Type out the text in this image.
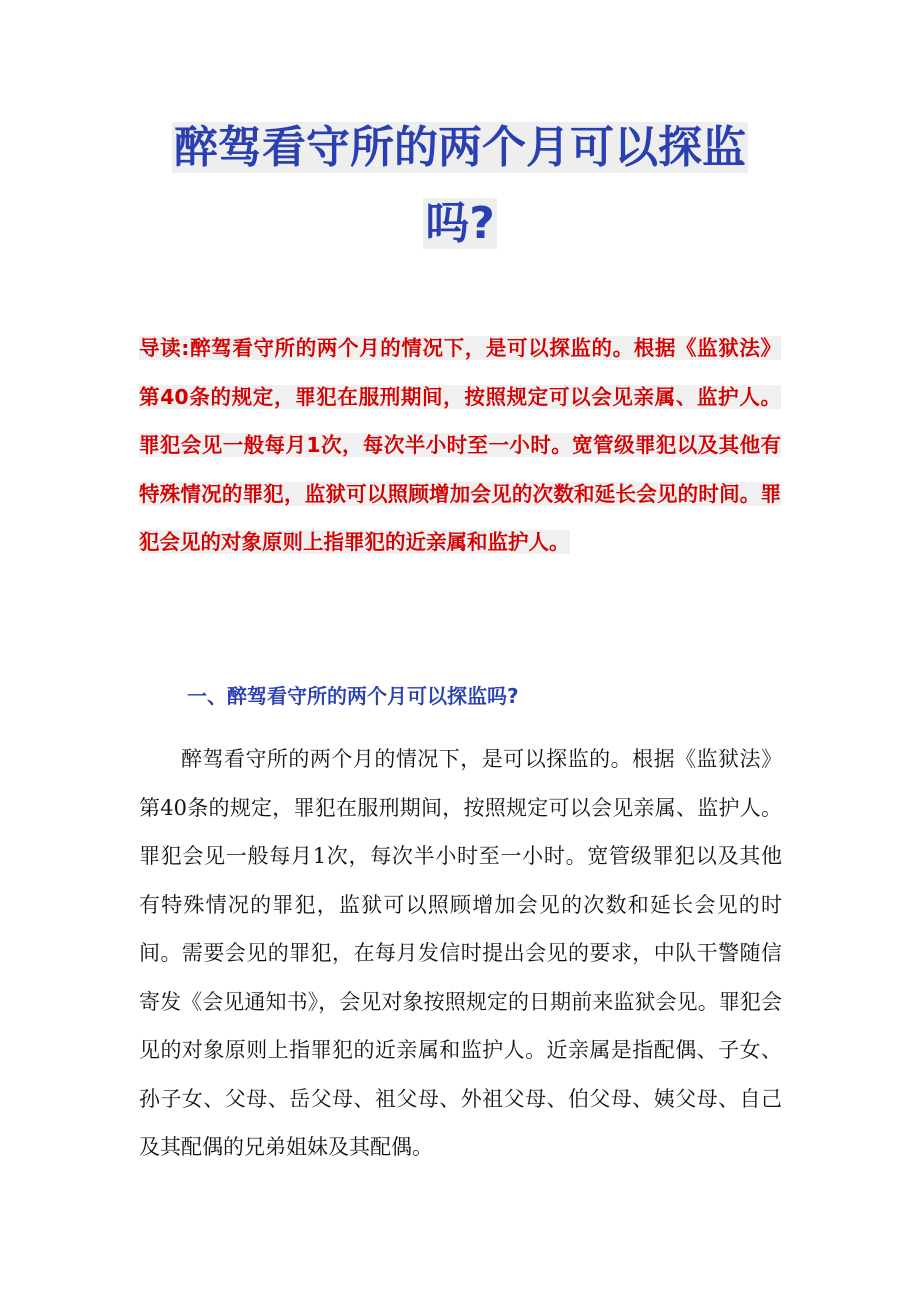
醉驾看守所的两个月可以探监
吗?

导读:醉驾看守所的两个月的情况下，是可以探监的。根据《监狱法》第40条的规定，罪犯在服刑期间，按照规定可以会见亲属、监护人。罪犯会见一般每月1次，每次半小时至一小时。宽管级罪犯以及其他有特殊情况的罪犯，监狱可以照顾增加会见的次数和延长会见的时间。罪犯会见的对象原则上指罪犯的近亲属和监护人。

一、醉驾看守所的两个月可以探监吗?

醉驾看守所的两个月的情况下，是可以探监的。根据《监狱法》第40条的规定，罪犯在服刑期间，按照规定可以会见亲属、监护人。罪犯会见一般每月1次，每次半小时至一小时。宽管级罪犯以及其他有特殊情况的罪犯，监狱可以照顾增加会见的次数和延长会见的时间。需要会见的罪犯，在每月发信时提出会见的要求，中队干警随信寄发《会见通知书》，会见对象按照规定的日期前来监狱会见。罪犯会见的对象原则上指罪犯的近亲属和监护人。近亲属是指配偶、子女、孙子女、父母、岳父母、祖父母、外祖父母、伯父母、姨父母、自己及其配偶的兄弟姐妹及其配偶。
